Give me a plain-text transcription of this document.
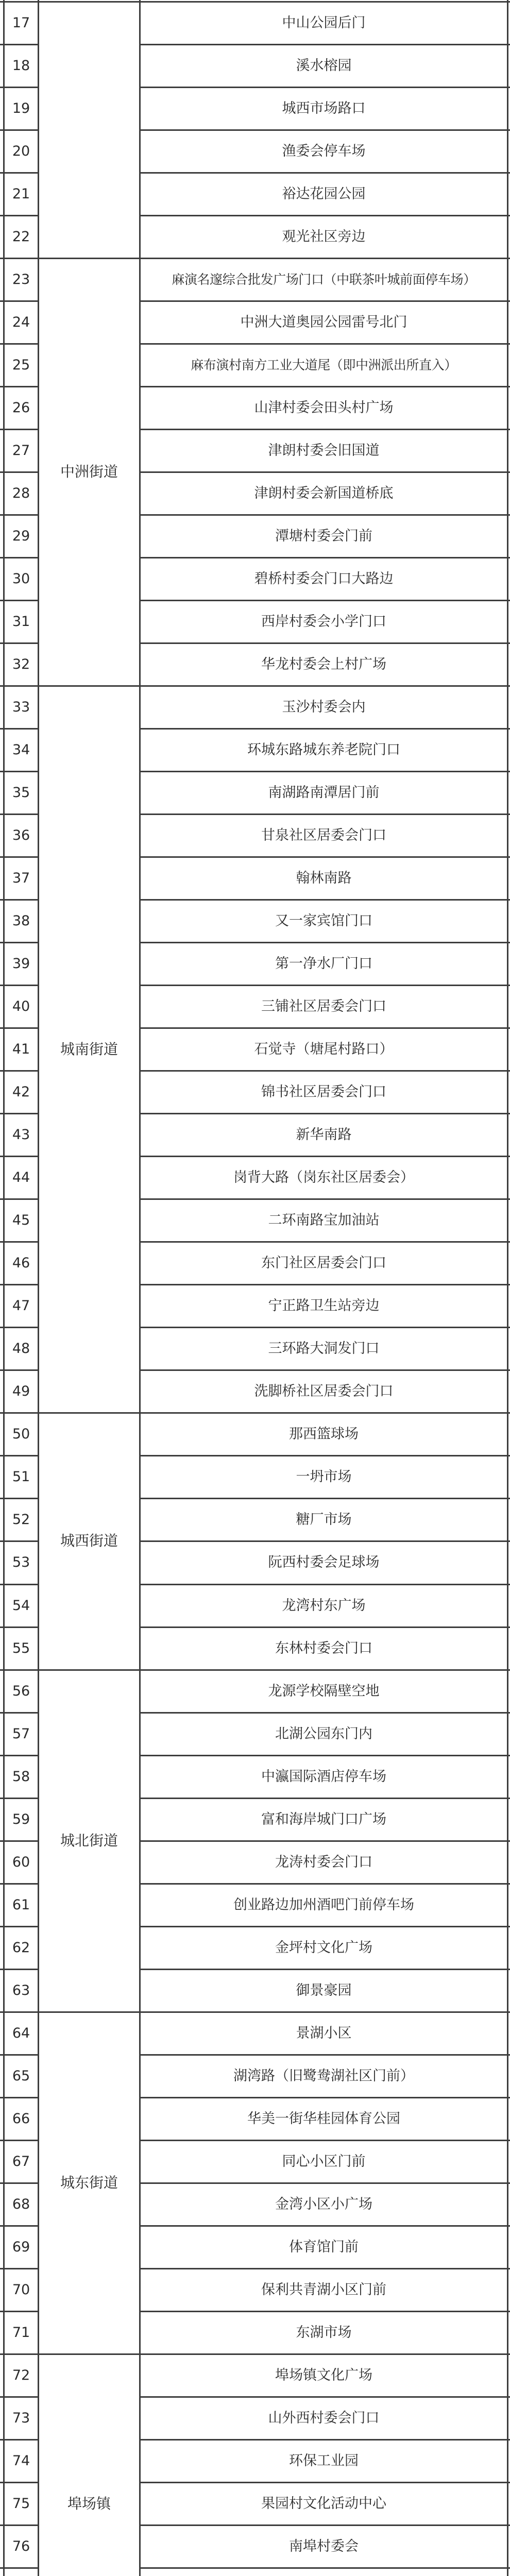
17	中山公园后门
18	溪水榕园
19	城西市场路口
20	渔委会停车场
21	裕达花园公园
22	观光社区旁边
中洲街道
23	麻演名邃综合批发广场门口（中联茶叶城前面停车场）
24	中洲大道奥园公园雷号北门
25	麻布演村南方工业大道尾（即中洲派出所直入）
26	山津村委会田头村广场
27	津朗村委会旧国道
28	津朗村委会新国道桥底
29	潭塘村委会门前
30	碧桥村委会门口大路边
31	西岸村委会小学门口
32	华龙村委会上村广场
城南街道
33	玉沙村委会内
34	环城东路城东养老院门口
35	南湖路南潭居门前
36	甘泉社区居委会门口
37	翰林南路
38	又一家宾馆门口
39	第一净水厂门口
40	三铺社区居委会门口
41	石觉寺（塘尾村路口）
42	锦书社区居委会门口
43	新华南路
44	岗背大路（岗东社区居委会）
45	二环南路宝加油站
46	东门社区居委会门口
47	宁正路卫生站旁边
48	三环路大洞发门口
49	洗脚桥社区居委会门口
城西街道
50	那西篮球场
51	一坍市场
52	糖厂市场
53	阮西村委会足球场
54	龙湾村东广场
55	东林村委会门口
城北街道
56	龙源学校隔壁空地
57	北湖公园东门内
58	中瀛国际酒店停车场
59	富和海岸城门口广场
60	龙涛村委会门口
61	创业路边加州酒吧门前停车场
62	金坪村文化广场
63	御景豪园
城东街道
64	景湖小区
65	湖湾路（旧鹭鸯湖社区门前）
66	华美一街华桂园体育公园
67	同心小区门前
68	金湾小区小广场
69	体育馆门前
70	保利共青湖小区门前
71	东湖市场
埠场镇
72	埠场镇文化广场
73	山外西村委会门口
74	环保工业园
75	果园村文化活动中心
76	南埠村委会
